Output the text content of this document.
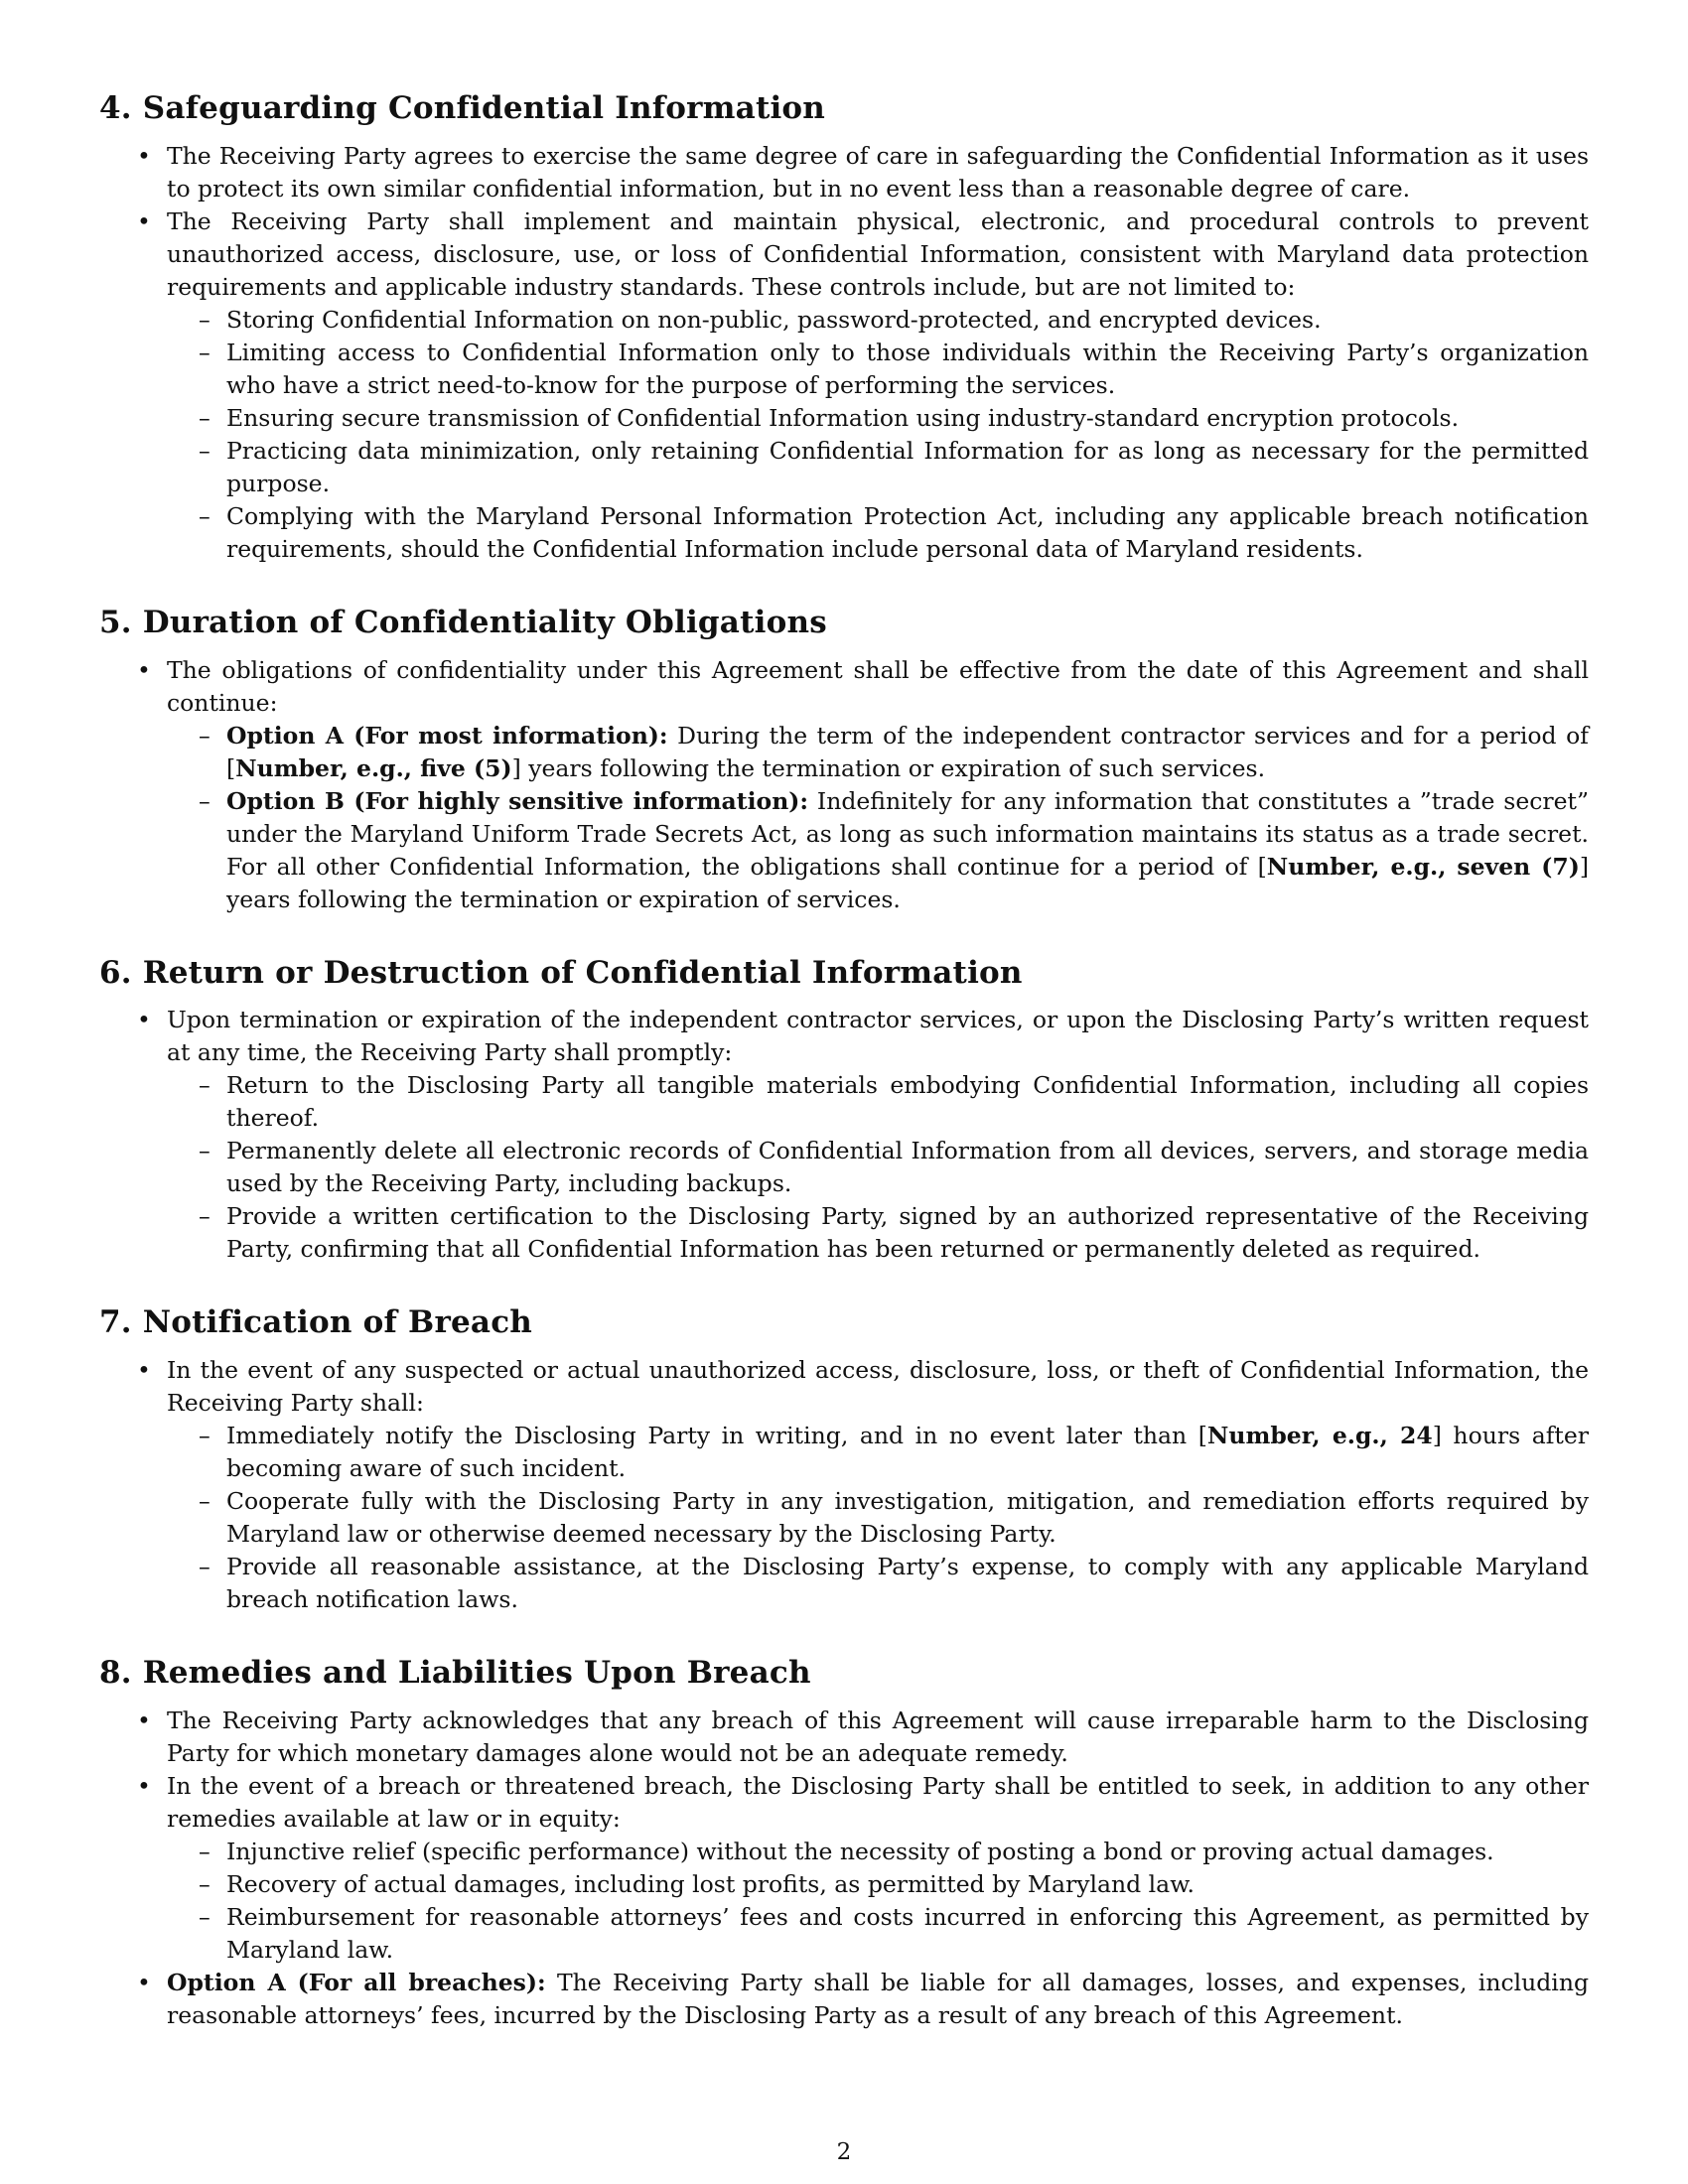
4. Safeguarding Confidential Information
• The Receiving Party agrees to exercise the same degree of care in safeguarding the Confidential Information as it uses to protect its own similar confidential information, but in no event less than a reasonable degree of care.
• The Receiving Party shall implement and maintain physical, electronic, and procedural controls to prevent unauthorized access, disclosure, use, or loss of Confidential Information, consistent with Maryland data protection requirements and applicable industry standards. These controls include, but are not limited to:
– Storing Confidential Information on non-public, password-protected, and encrypted devices.
– Limiting access to Confidential Information only to those individuals within the Receiving Party’s organization who have a strict need-to-know for the purpose of performing the services.
– Ensuring secure transmission of Confidential Information using industry-standard encryption protocols.
– Practicing data minimization, only retaining Confidential Information for as long as necessary for the permitted purpose.
– Complying with the Maryland Personal Information Protection Act, including any applicable breach notification requirements, should the Confidential Information include personal data of Maryland residents.
5. Duration of Confidentiality Obligations
• The obligations of confidentiality under this Agreement shall be effective from the date of this Agreement and shall continue:
– Option A (For most information): During the term of the independent contractor services and for a period of [Number, e.g., five (5)] years following the termination or expiration of such services.
– Option B (For highly sensitive information): Indefinitely for any information that constitutes a ”trade secret” under the Maryland Uniform Trade Secrets Act, as long as such information maintains its status as a trade secret. For all other Confidential Information, the obligations shall continue for a period of [Number, e.g., seven (7)] years following the termination or expiration of services.
6. Return or Destruction of Confidential Information
• Upon termination or expiration of the independent contractor services, or upon the Disclosing Party’s written request at any time, the Receiving Party shall promptly:
– Return to the Disclosing Party all tangible materials embodying Confidential Information, including all copies thereof.
– Permanently delete all electronic records of Confidential Information from all devices, servers, and storage media used by the Receiving Party, including backups.
– Provide a written certification to the Disclosing Party, signed by an authorized representative of the Receiving Party, confirming that all Confidential Information has been returned or permanently deleted as required.
7. Notification of Breach
• In the event of any suspected or actual unauthorized access, disclosure, loss, or theft of Confidential Information, the Receiving Party shall:
– Immediately notify the Disclosing Party in writing, and in no event later than [Number, e.g., 24] hours after becoming aware of such incident.
– Cooperate fully with the Disclosing Party in any investigation, mitigation, and remediation efforts required by Maryland law or otherwise deemed necessary by the Disclosing Party.
– Provide all reasonable assistance, at the Disclosing Party’s expense, to comply with any applicable Maryland breach notification laws.
8. Remedies and Liabilities Upon Breach
• The Receiving Party acknowledges that any breach of this Agreement will cause irreparable harm to the Disclosing Party for which monetary damages alone would not be an adequate remedy.
• In the event of a breach or threatened breach, the Disclosing Party shall be entitled to seek, in addition to any other remedies available at law or in equity:
– Injunctive relief (specific performance) without the necessity of posting a bond or proving actual damages.
– Recovery of actual damages, including lost profits, as permitted by Maryland law.
– Reimbursement for reasonable attorneys’ fees and costs incurred in enforcing this Agreement, as permitted by Maryland law.
• Option A (For all breaches): The Receiving Party shall be liable for all damages, losses, and expenses, including reasonable attorneys’ fees, incurred by the Disclosing Party as a result of any breach of this Agreement.
2
